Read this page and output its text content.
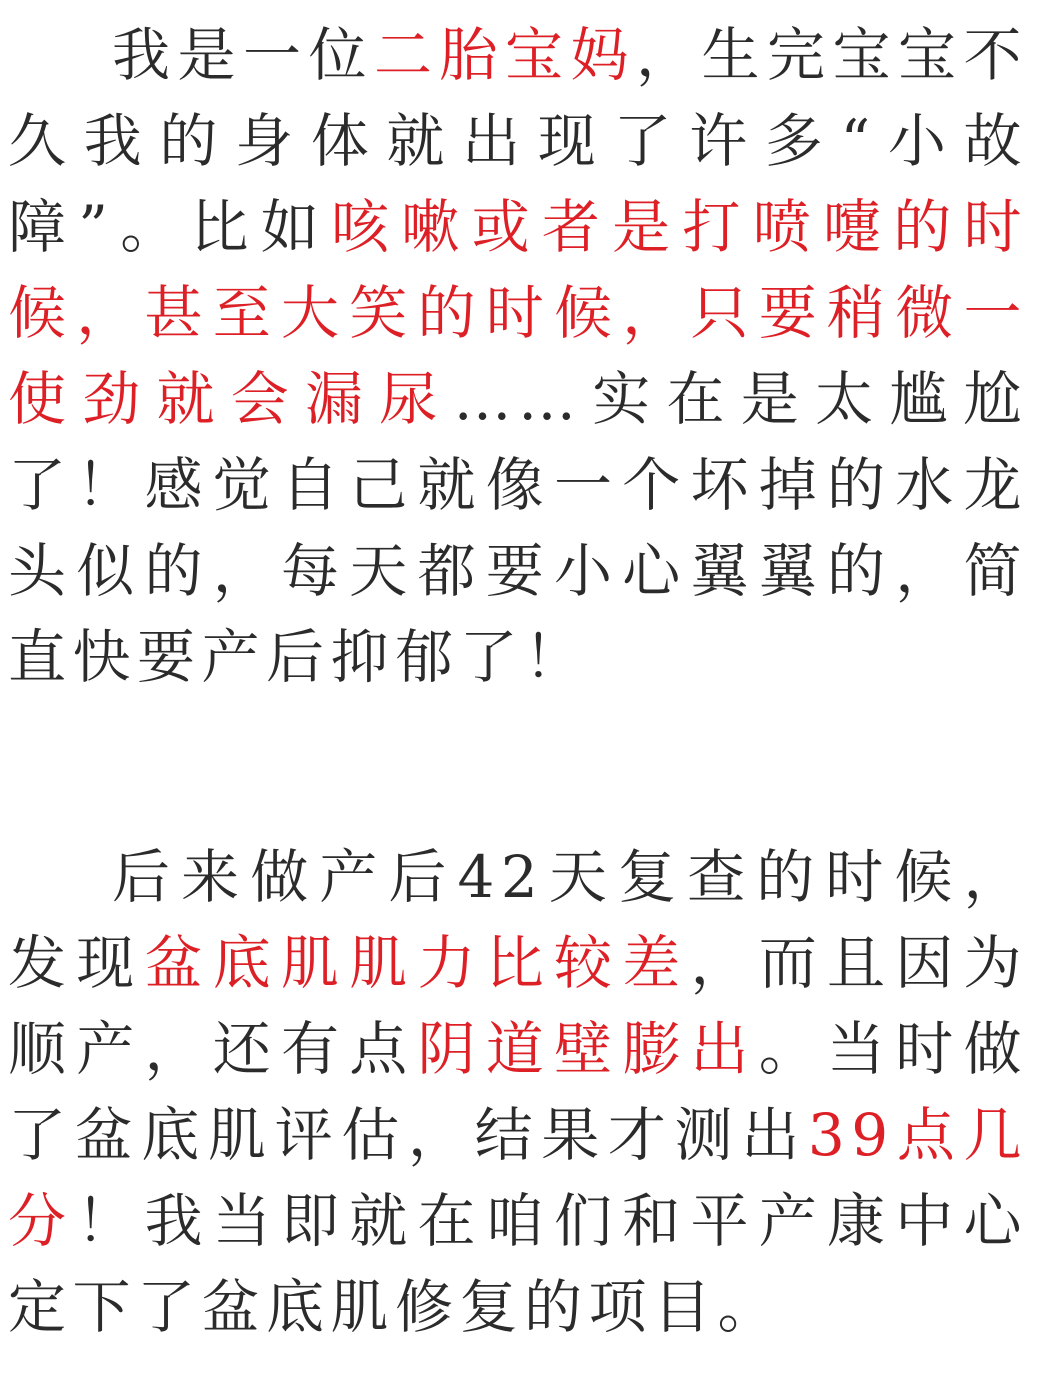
我是一位二胎宝妈，生完宝宝不久我的身体就出现了许多“小故障”。比如咳嗽或者是打喷嚏的时候，甚至大笑的时候，只要稍微一使劲就会漏尿……实在是太尴尬了！感觉自己就像一个坏掉的水龙头似的，每天都要小心翼翼的，简直快要产后抑郁了！

后来做产后42天复查的时候，发现盆底肌肌力比较差，而且因为顺产，还有点阴道壁膨出。当时做了盆底肌评估，结果才测出39点几分！我当即就在咱们和平产康中心定下了盆底肌修复的项目。
